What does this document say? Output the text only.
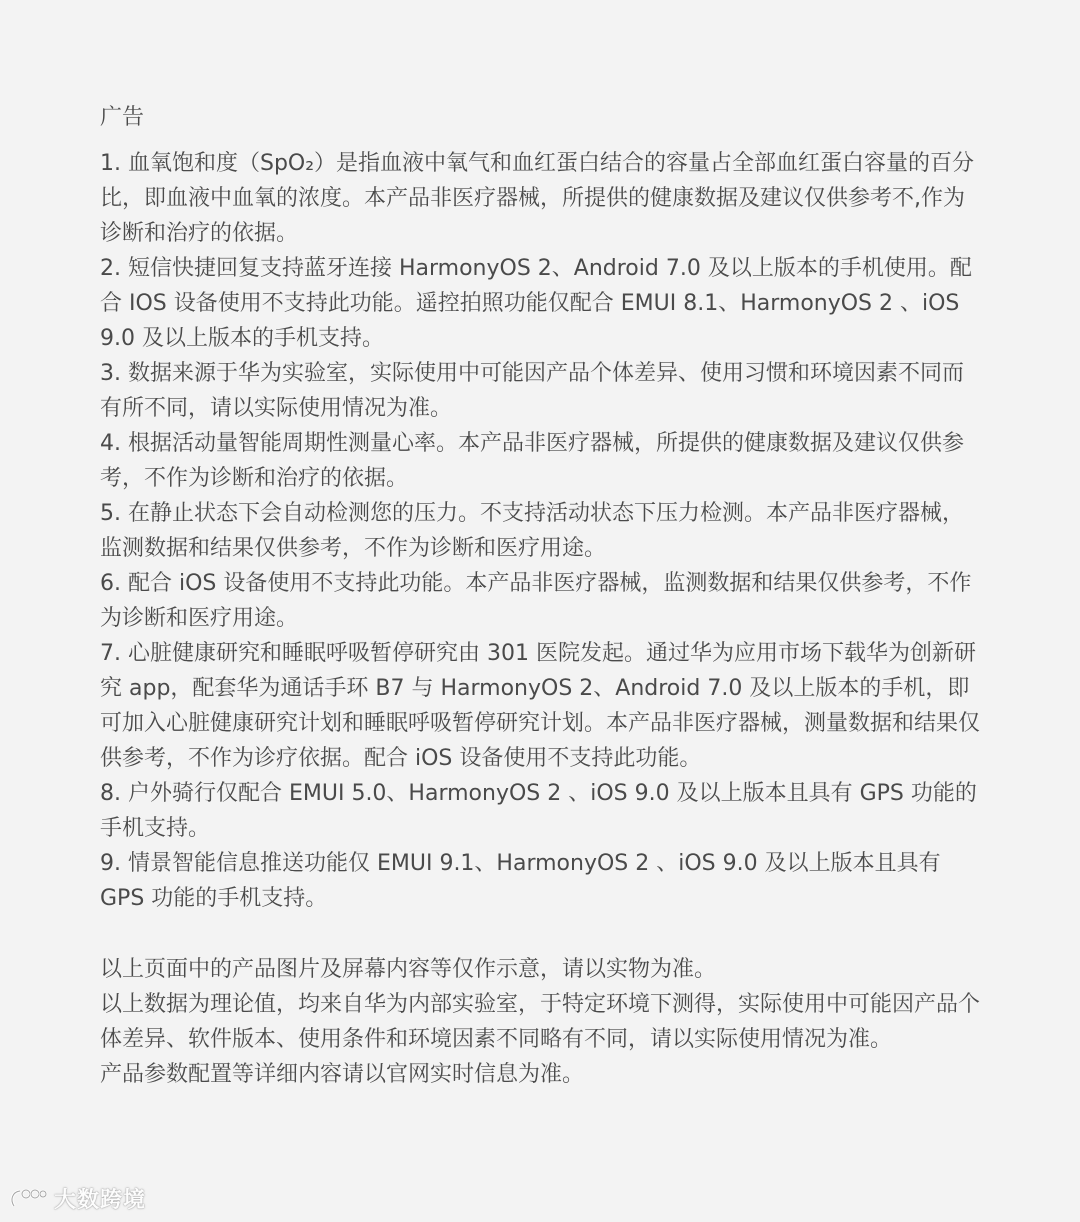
广告
1. 血氧饱和度（SpO₂）是指血液中氧气和血红蛋白结合的容量占全部血红蛋白容量的百分比，即血液中血氧的浓度。本产品非医疗器械，所提供的健康数据及建议仅供参考不,作为诊断和治疗的依据。
2. 短信快捷回复支持蓝牙连接 HarmonyOS 2、Android 7.0 及以上版本的手机使用。配合 IOS 设备使用不支持此功能。遥控拍照功能仅配合 EMUI 8.1、HarmonyOS 2 、iOS 9.0 及以上版本的手机支持。
3. 数据来源于华为实验室，实际使用中可能因产品个体差异、使用习惯和环境因素不同而有所不同，请以实际使用情况为准。
4. 根据活动量智能周期性测量心率。本产品非医疗器械，所提供的健康数据及建议仅供参考，不作为诊断和治疗的依据。
5. 在静止状态下会自动检测您的压力。不支持活动状态下压力检测。本产品非医疗器械，监测数据和结果仅供参考，不作为诊断和医疗用途。
6. 配合 iOS 设备使用不支持此功能。本产品非医疗器械，监测数据和结果仅供参考，不作为诊断和医疗用途。
7. 心脏健康研究和睡眠呼吸暂停研究由 301 医院发起。通过华为应用市场下载华为创新研究 app，配套华为通话手环 B7 与 HarmonyOS 2、Android 7.0 及以上版本的手机，即可加入心脏健康研究计划和睡眠呼吸暂停研究计划。本产品非医疗器械，测量数据和结果仅供参考，不作为诊疗依据。配合 iOS 设备使用不支持此功能。
8. 户外骑行仅配合 EMUI 5.0、HarmonyOS 2 、iOS 9.0 及以上版本且具有 GPS 功能的手机支持。
9. 情景智能信息推送功能仅 EMUI 9.1、HarmonyOS 2 、iOS 9.0 及以上版本且具有 GPS 功能的手机支持。

以上页面中的产品图片及屏幕内容等仅作示意，请以实物为准。

以上数据为理论值，均来自华为内部实验室，于特定环境下测得，实际使用中可能因产品个体差异、软件版本、使用条件和环境因素不同略有不同，请以实际使用情况为准。

产品参数配置等详细内容请以官网实时信息为准。

大数跨境
